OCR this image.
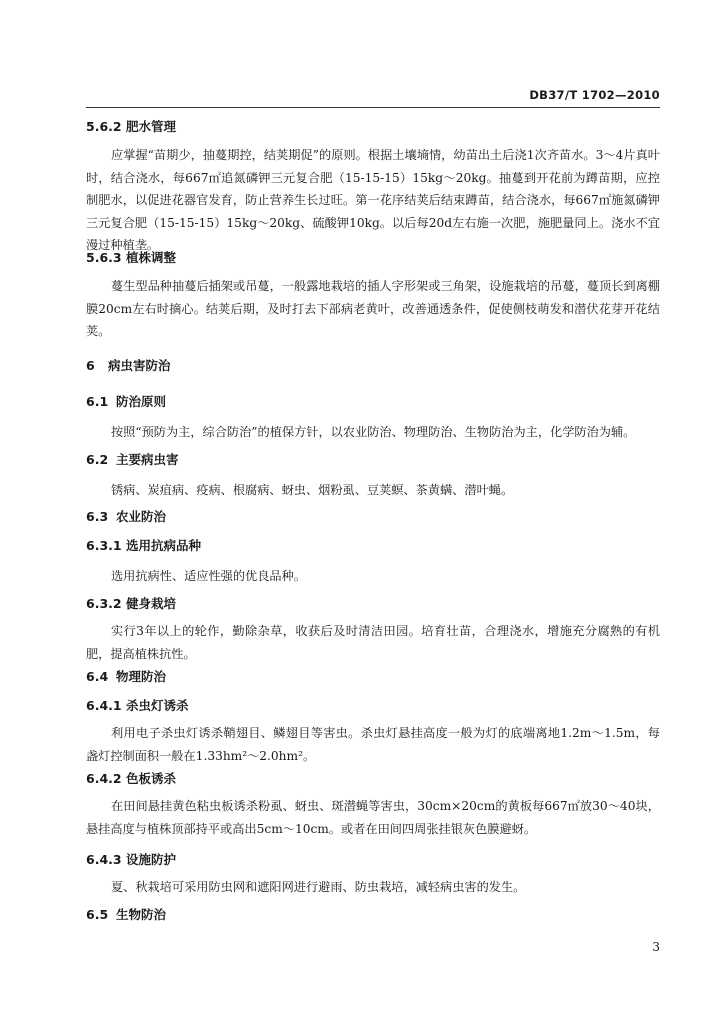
DB37/T 1702—2010
5.6.2 肥水管理
应掌握“苗期少，抽蔓期控，结荚期促”的原则。根据土壤墒情，幼苗出土后浇1次齐苗水。3～4片真叶时，结合浇水，每667㎡追氮磷钾三元复合肥（15-15-15）15kg～20kg。抽蔓到开花前为蹲苗期，应控制肥水，以促进花器官发育，防止营养生长过旺。第一花序结荚后结束蹲苗，结合浇水，每667㎡施氮磷钾三元复合肥（15-15-15）15kg～20kg、硫酸钾10kg。以后每20d左右施一次肥，施肥量同上。浇水不宜漫过种植垄。
5.6.3 植株调整
蔓生型品种抽蔓后插架或吊蔓，一般露地栽培的插人字形架或三角架，设施栽培的吊蔓，蔓顶长到离棚膜20cm左右时摘心。结荚后期，及时打去下部病老黄叶，改善通透条件，促使侧枝萌发和潜伏花芽开花结荚。
6 病虫害防治
6.1 防治原则
按照“预防为主，综合防治”的植保方针，以农业防治、物理防治、生物防治为主，化学防治为辅。
6.2 主要病虫害
锈病、炭疽病、疫病、根腐病、蚜虫、烟粉虱、豆荚螟、茶黄螨、潜叶蝇。
6.3 农业防治
6.3.1 选用抗病品种
选用抗病性、适应性强的优良品种。
6.3.2 健身栽培
实行3年以上的轮作，勤除杂草，收获后及时清洁田园。培育壮苗，合理浇水，增施充分腐熟的有机肥，提高植株抗性。
6.4 物理防治
6.4.1 杀虫灯诱杀
利用电子杀虫灯诱杀鞘翅目、鳞翅目等害虫。杀虫灯悬挂高度一般为灯的底端离地1.2m～1.5m，每盏灯控制面积一般在1.33hm²～2.0hm²。
6.4.2 色板诱杀
在田间悬挂黄色粘虫板诱杀粉虱、蚜虫、斑潜蝇等害虫，30cm×20cm的黄板每667㎡放30～40块，悬挂高度与植株顶部持平或高出5cm～10cm。或者在田间四周张挂银灰色膜避蚜。
6.4.3 设施防护
夏、秋栽培可采用防虫网和遮阳网进行避雨、防虫栽培，减轻病虫害的发生。
6.5 生物防治
3
